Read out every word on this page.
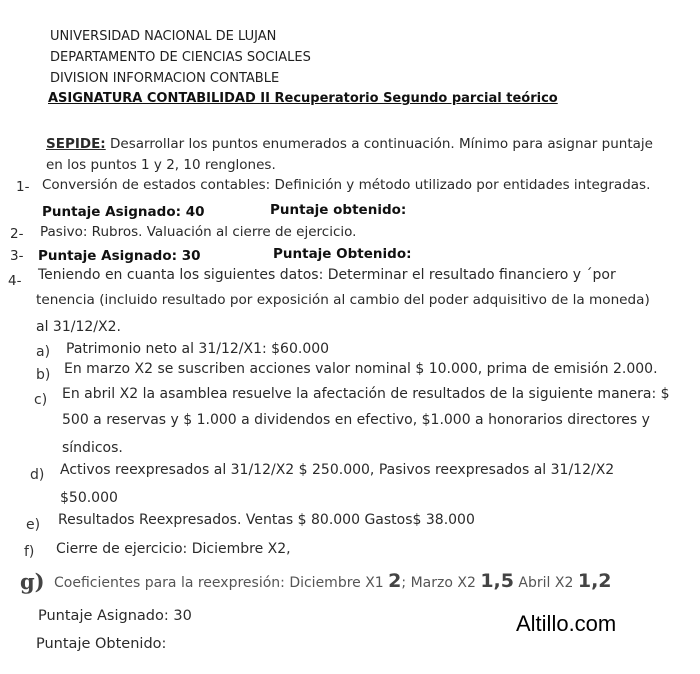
UNIVERSIDAD NACIONAL DE LUJAN
DEPARTAMENTO DE CIENCIAS SOCIALES
DIVISION INFORMACION CONTABLE
ASIGNATURA CONTABILIDAD II Recuperatorio Segundo parcial teórico
SEPIDE: Desarrollar los puntos enumerados a continuación. Mínimo para asignar puntaje
en los puntos 1 y 2, 10 renglones.
1- Conversión de estados contables: Definición y método utilizado por entidades integradas.
Puntaje Asignado: 40	Puntaje obtenido:
2- Pasivo: Rubros. Valuación al cierre de ejercicio.
3- Puntaje Asignado: 30	Puntaje Obtenido:
4- Teniendo en cuanta los siguientes datos: Determinar el resultado financiero y ´por
tenencia (incluido resultado por exposición al cambio del poder adquisitivo de la moneda)
al 31/12/X2.
a) Patrimonio neto al 31/12/X1: $60.000
b) En marzo X2 se suscriben acciones valor nominal $ 10.000, prima de emisión 2.000.
c) En abril X2 la asamblea resuelve la afectación de resultados de la siguiente manera: $
500 a reservas y $ 1.000 a dividendos en efectivo, $1.000 a honorarios directores y
síndicos.
d) Activos reexpresados al 31/12/X2 $ 250.000, Pasivos reexpresados al 31/12/X2
$50.000
e) Resultados Reexpresados. Ventas $ 80.000 Gastos$ 38.000
f) Cierre de ejercicio: Diciembre X2,
g) Coeficientes para la reexpresión: Diciembre X1 2; Marzo X2 1,5 Abril X2 1,2
Puntaje Asignado: 30
Puntaje Obtenido:
Altillo.com
